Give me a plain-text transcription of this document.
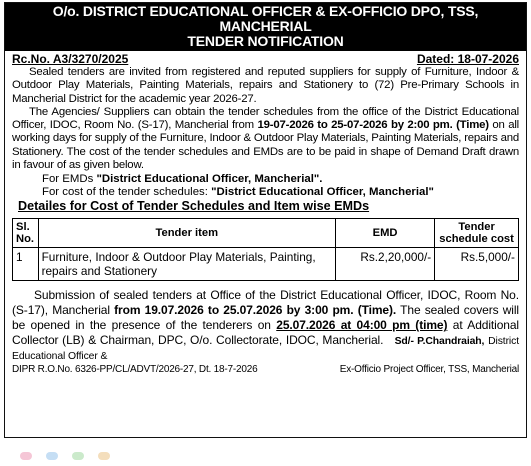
O/o. DISTRICT EDUCATIONAL OFFICER & EX-OFFICIO DPO, TSS, MANCHERIAL
TENDER NOTIFICATION
Rc.No. A3/3270/2025	Dated: 18-07-2026

Sealed tenders are invited from registered and reputed suppliers for supply of Furniture, Indoor & Outdoor Play Materials, Painting Materials, repairs and Stationery to (72) Pre-Primary Schools in Mancherial District for the academic year 2026-27.

The Agencies/ Suppliers can obtain the tender schedules from the office of the District Educational Officer, IDOC, Room No. (S-17), Mancherial from 19-07-2026 to 25-07-2026 by 2:00 pm. (Time) on all working days for supply of the Furniture, Indoor & Outdoor Play Materials, Painting Materials, repairs and Stationery. The cost of the tender schedules and EMDs are to be paid in shape of Demand Draft drawn in favour of as given below.

For EMDs "District Educational Officer, Mancherial".
For cost of the tender schedules: "District Educational Officer, Mancherial"
Detailes for Cost of Tender Schedules and Item wise EMDs
Sl. No.	Tender item	EMD	Tender schedule cost
1	Furniture, Indoor & Outdoor Play Materials, Painting, repairs and Stationery	Rs.2,20,000/-	Rs.5,000/-

Submission of sealed tenders at Office of the District Educational Officer, IDOC, Room No. (S-17), Mancherial from 19.07.2026 to 25.07.2026 by 3:00 pm. (Time). The sealed covers will be opened in the presence of the tenderers on 25.07.2026 at 04:00 pm (time) at Additional Collector (LB) & Chairman, DPC, O/o. Collectorate, IDOC, Mancherial. Sd/- P.Chandraiah, District Educational Officer &

DIPR R.O.No. 6326-PP/CL/ADVT/2026-27, Dt. 18-7-2026	Ex-Officio Project Officer, TSS, Mancherial
